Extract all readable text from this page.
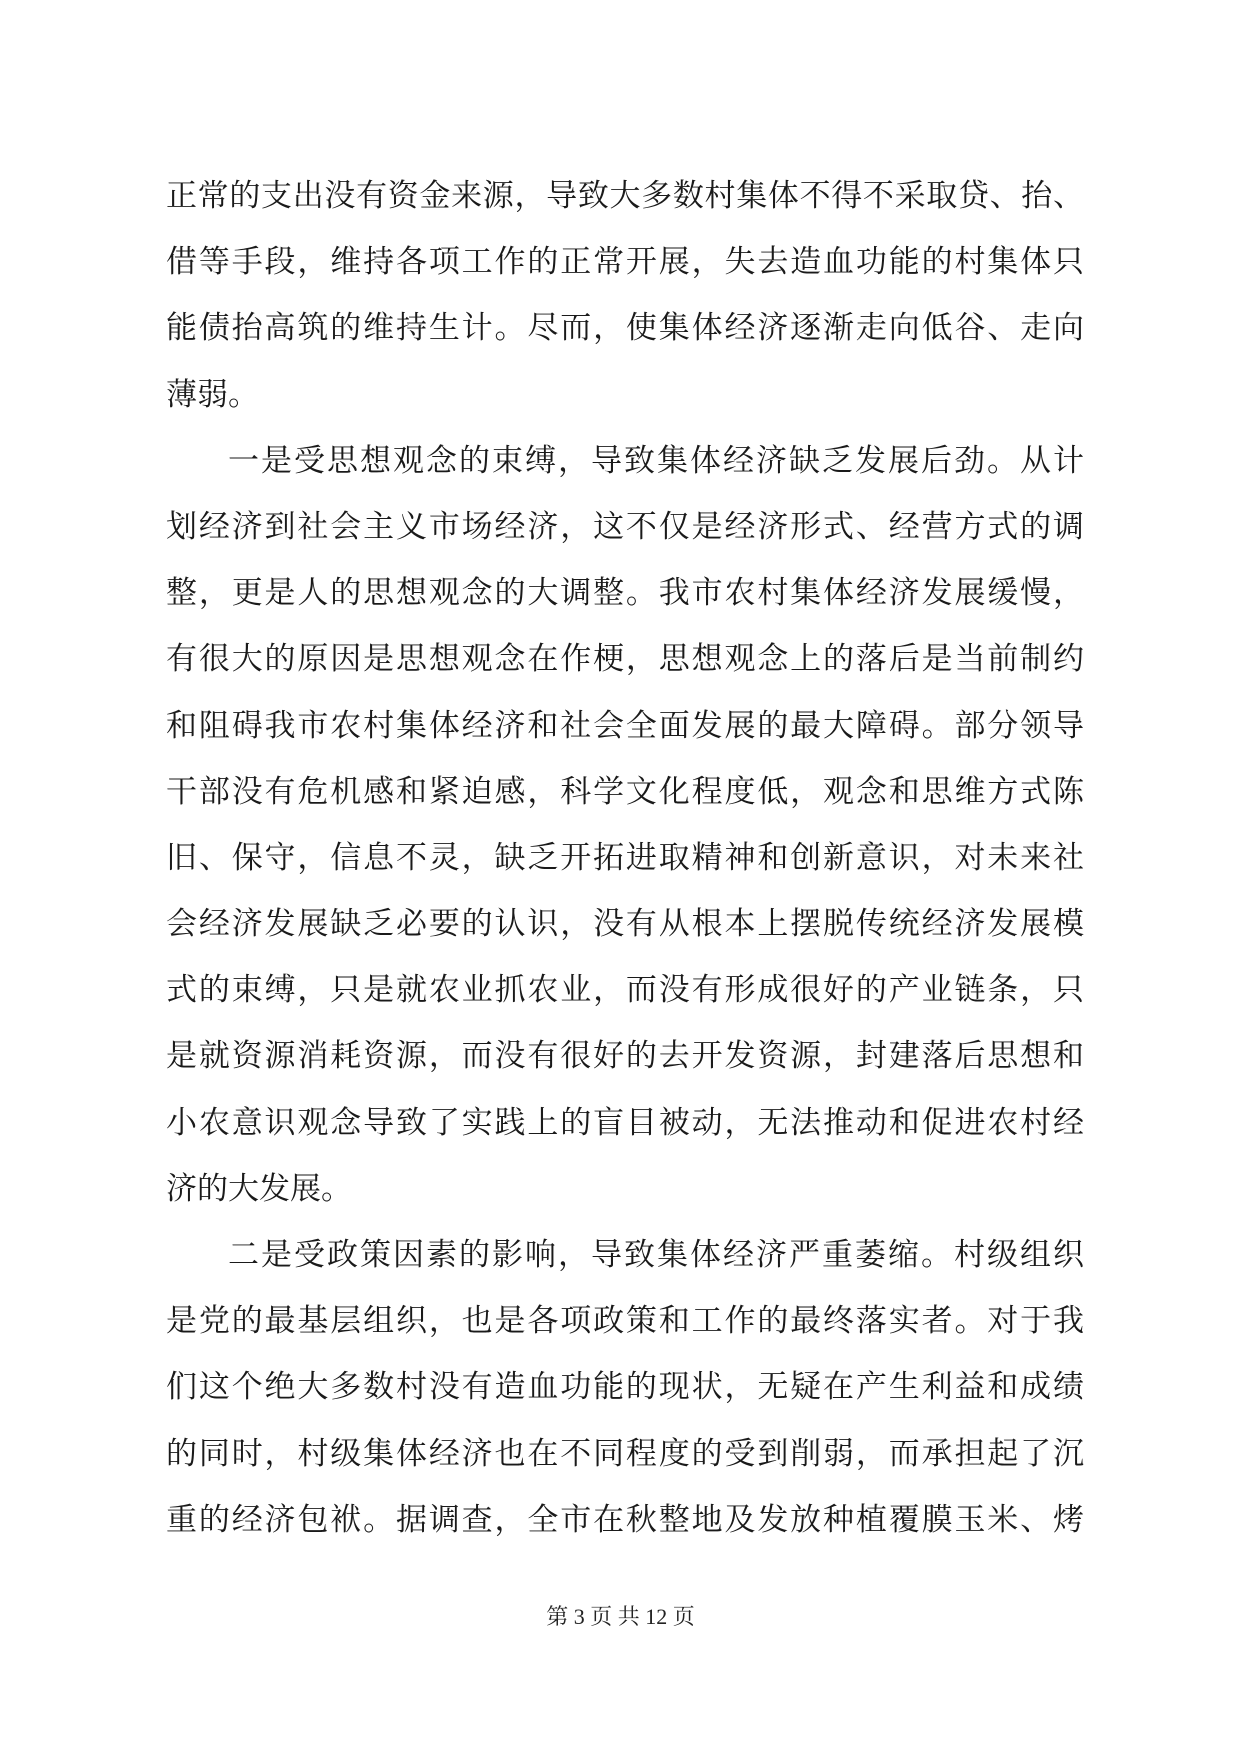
正常的支出没有资金来源，导致大多数村集体不得不采取贷、抬、
借等手段，维持各项工作的正常开展，失去造血功能的村集体只
能债抬高筑的维持生计。尽而，使集体经济逐渐走向低谷、走向
薄弱。
一是受思想观念的束缚，导致集体经济缺乏发展后劲。从计
划经济到社会主义市场经济，这不仅是经济形式、经营方式的调
整，更是人的思想观念的大调整。我市农村集体经济发展缓慢，
有很大的原因是思想观念在作梗，思想观念上的落后是当前制约
和阻碍我市农村集体经济和社会全面发展的最大障碍。部分领导
干部没有危机感和紧迫感，科学文化程度低，观念和思维方式陈
旧、保守，信息不灵，缺乏开拓进取精神和创新意识，对未来社
会经济发展缺乏必要的认识，没有从根本上摆脱传统经济发展模
式的束缚，只是就农业抓农业，而没有形成很好的产业链条，只
是就资源消耗资源，而没有很好的去开发资源，封建落后思想和
小农意识观念导致了实践上的盲目被动，无法推动和促进农村经
济的大发展。
二是受政策因素的影响，导致集体经济严重萎缩。村级组织
是党的最基层组织，也是各项政策和工作的最终落实者。对于我
们这个绝大多数村没有造血功能的现状，无疑在产生利益和成绩
的同时，村级集体经济也在不同程度的受到削弱，而承担起了沉
重的经济包袱。据调查，全市在秋整地及发放种植覆膜玉米、烤
第 3 页 共 12 页
